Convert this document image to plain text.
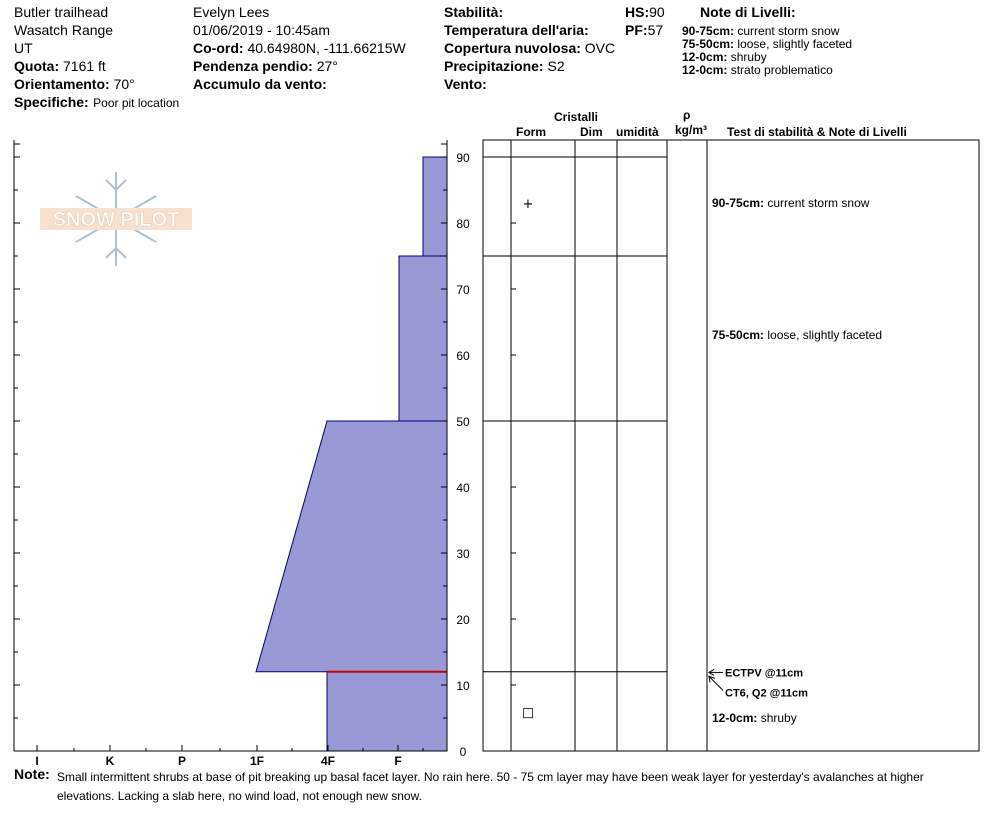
Butler trailhead
Wasatch Range
UT
Quota: 7161 ft
Orientamento: 70°
Specifiche: Poor pit location
Evelyn Lees
01/06/2019 - 10:45am
Co-ord: 40.64980N, -111.66215W
Pendenza pendio: 27°
Accumulo da vento:
Stabilità:
Temperatura dell'aria:
Copertura nuvolosa: OVC
Precipitazione: S2
Vento:
HS:90
PF:57
Note di Livelli:
90-75cm: current storm snow
75-50cm: loose, slightly faceted
12-0cm: shruby
12-0cm: strato problematico
Cristalli
Form	Dim umidità
ρ
kg/m³ Test di stabilità & Note di Livelli
SNOW PILOT
I	K	P	1F	4F	F
0
10
20
30
40
50
60
70
80
90
+
□
90-75cm: current storm snow
75-50cm: loose, slightly faceted
12-0cm: shruby
ECTPV @11cm
CT6, Q2 @11cm
Note: Small intermittent shrubs at base of pit breaking up basal facet layer. No rain here. 50 - 75 cm layer may have been weak layer for yesterday's avalanches at higher elevations. Lacking a slab here, no wind load, not enough new snow.
